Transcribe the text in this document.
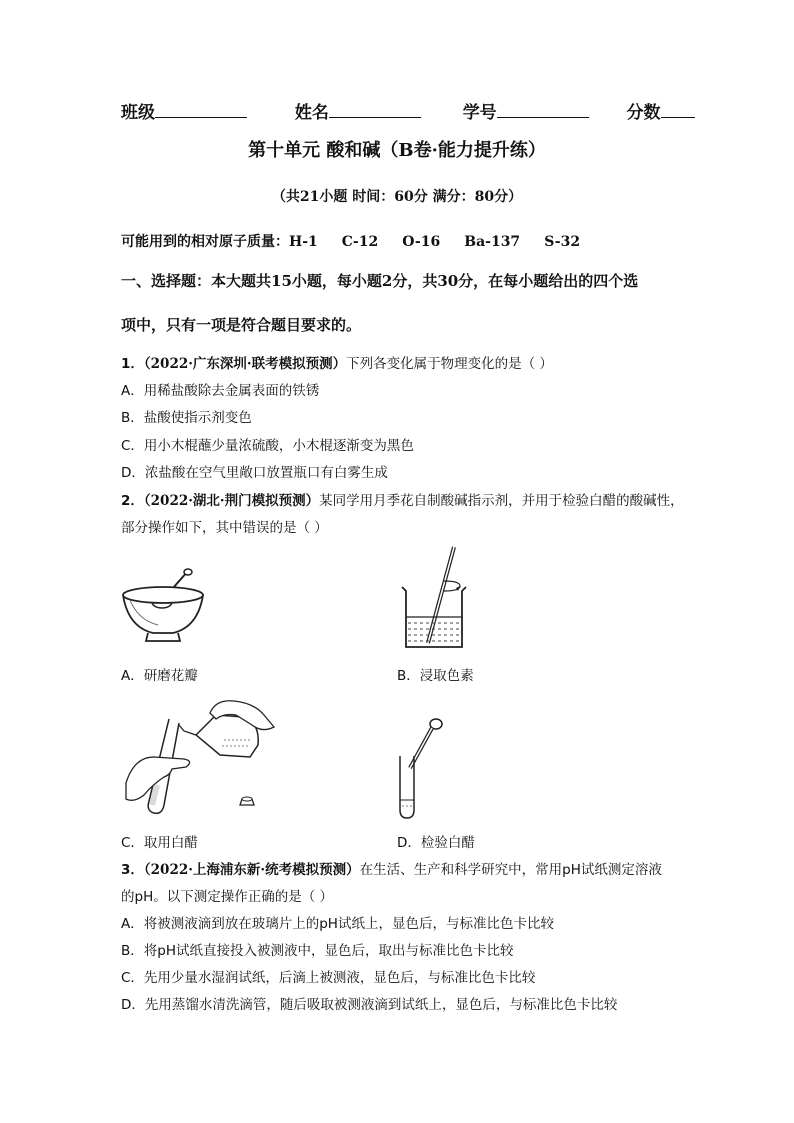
班级	姓名	学号	分数
第十单元 酸和碱（B卷·能力提升练）
（共21小题 时间：60分 满分：80分）
可能用到的相对原子质量：H-1 C-12 O-16 Ba-137 S-32
一、选择题：本大题共15小题，每小题2分，共30分，在每小题给出的四个选
项中，只有一项是符合题目要求的。
1．（2022·广东深圳·联考模拟预测）下列各变化属于物理变化的是（ ）
A．用稀盐酸除去金属表面的铁锈
B．盐酸使指示剂变色
C．用小木棍蘸少量浓硫酸，小木棍逐渐变为黑色
D．浓盐酸在空气里敞口放置瓶口有白雾生成
2．（2022·湖北·荆门模拟预测）某同学用月季花自制酸碱指示剂，并用于检验白醋的酸碱性，
部分操作如下，其中错误的是（ ）
A．研磨花瓣	B．浸取色素
C．取用白醋	D．检验白醋
3．（2022·上海浦东新·统考模拟预测）在生活、生产和科学研究中，常用pH试纸测定溶液
的pH。以下测定操作正确的是（ ）
A．将被测液滴到放在玻璃片上的pH试纸上，显色后，与标准比色卡比较
B．将pH试纸直接投入被测液中，显色后，取出与标准比色卡比较
C．先用少量水湿润试纸，后滴上被测液，显色后，与标准比色卡比较
D．先用蒸馏水清洗滴管，随后吸取被测液滴到试纸上，显色后，与标准比色卡比较
